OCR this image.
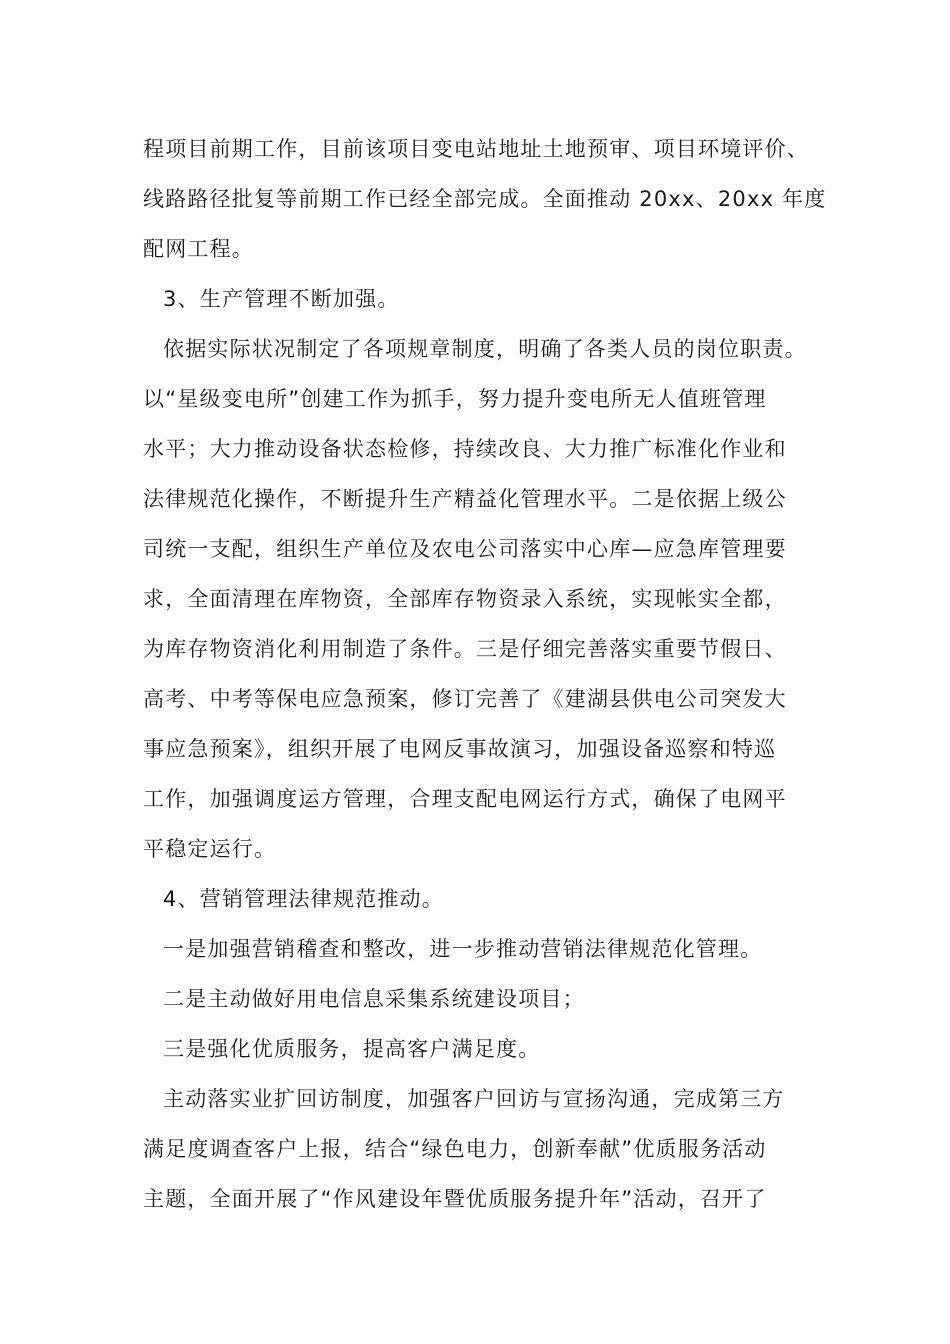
程项目前期工作，目前该项目变电站地址土地预审、项目环境评价、
线路路径批复等前期工作已经全部完成。全面推动 20xx、20xx 年度
配网工程。
3、生产管理不断加强。
依据实际状况制定了各项规章制度，明确了各类人员的岗位职责。
以“星级变电所”创建工作为抓手，努力提升变电所无人值班管理
水平；大力推动设备状态检修，持续改良、大力推广标准化作业和
法律规范化操作，不断提升生产精益化管理水平。二是依据上级公
司统一支配，组织生产单位及农电公司落实中心库—应急库管理要
求，全面清理在库物资，全部库存物资录入系统，实现帐实全都，
为库存物资消化利用制造了条件。三是仔细完善落实重要节假日、
高考、中考等保电应急预案，修订完善了《建湖县供电公司突发大
事应急预案》，组织开展了电网反事故演习，加强设备巡察和特巡
工作，加强调度运方管理，合理支配电网运行方式，确保了电网平
平稳定运行。
4、营销管理法律规范推动。
一是加强营销稽查和整改，进一步推动营销法律规范化管理。
二是主动做好用电信息采集系统建设项目；
三是强化优质服务，提高客户满足度。
主动落实业扩回访制度，加强客户回访与宣扬沟通，完成第三方
满足度调查客户上报，结合“绿色电力，创新奉献”优质服务活动
主题，全面开展了“作风建设年暨优质服务提升年”活动，召开了
